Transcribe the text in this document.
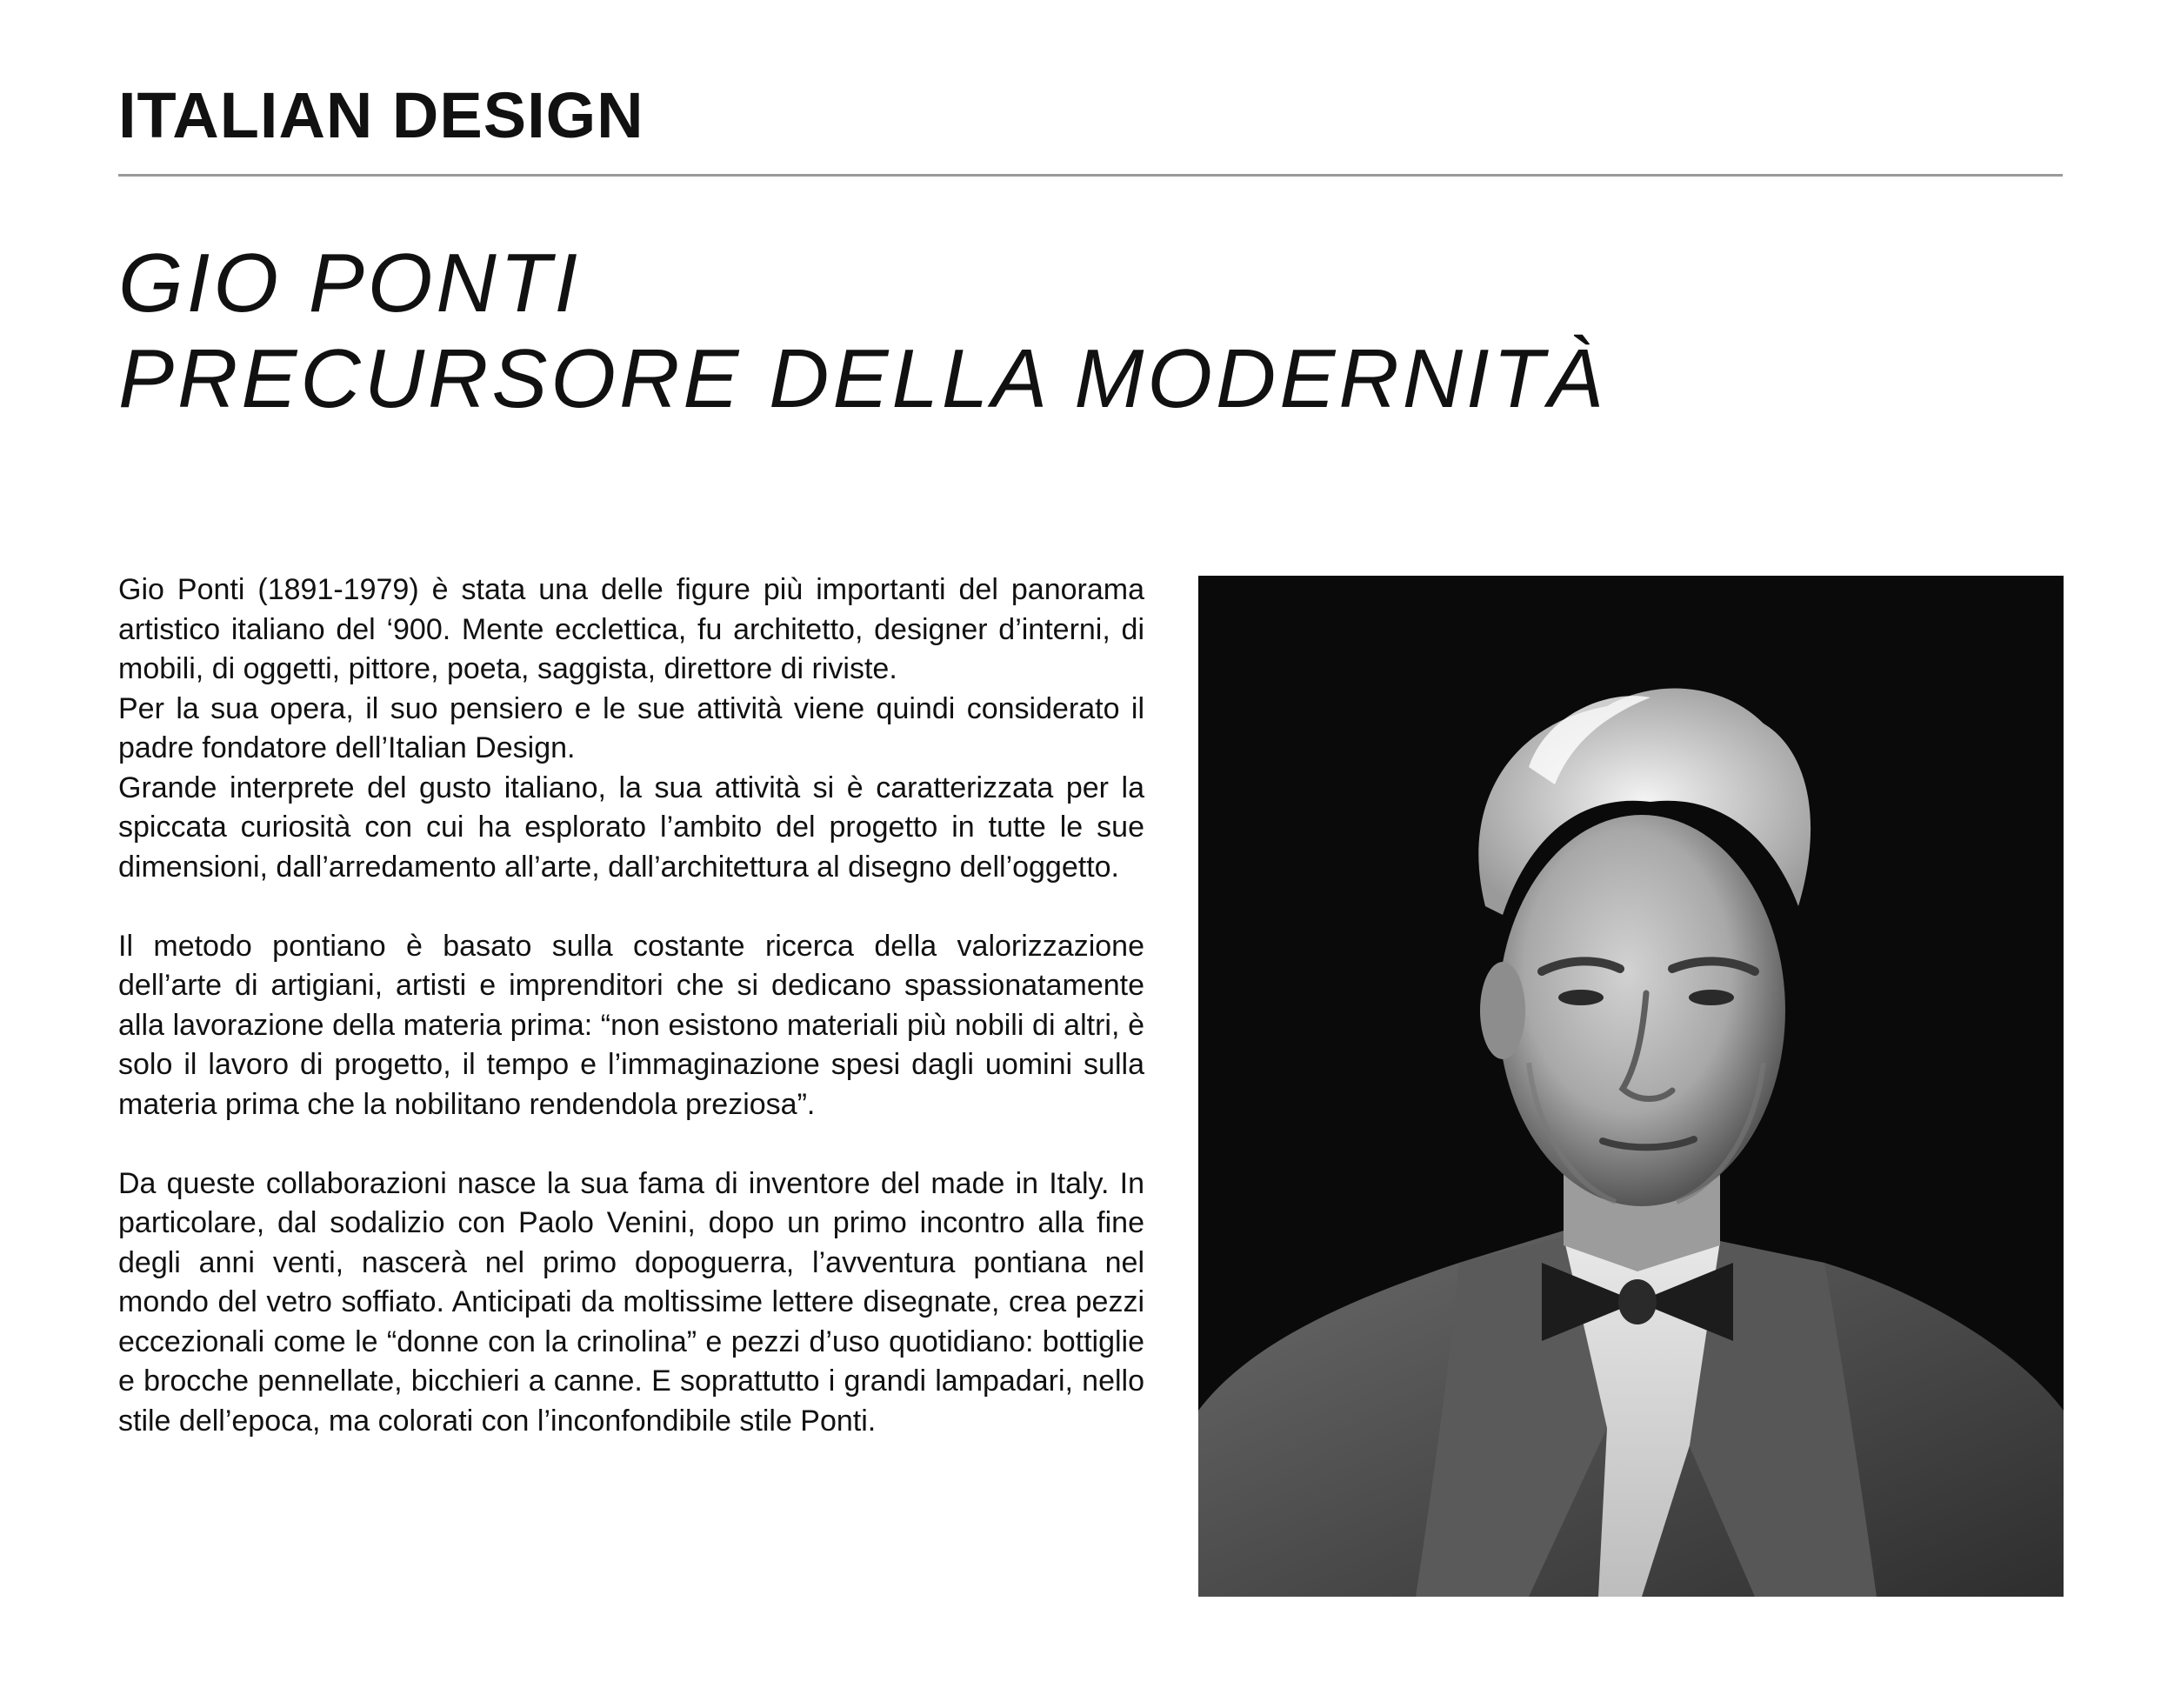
ITALIAN DESIGN
GIO PONTI
PRECURSORE DELLA MODERNITÀ

Gio Ponti (1891-1979) è stata una delle figure più importanti del panorama artistico italiano del ‘900. Mente ecclettica, fu architetto, designer d’interni, di mobili, di oggetti, pittore, poeta, saggista, direttore di riviste.

Per la sua opera, il suo pensiero e le sue attività viene quindi considerato il padre fondatore dell’Italian Design.

Grande interprete del gusto italiano, la sua attività si è caratterizzata per la spiccata curiosità con cui ha esplorato l’ambito del progetto in tutte le sue dimensioni, dall’arredamento all’arte, dall’architettura al disegno dell’oggetto.

Il metodo pontiano è basato sulla costante ricerca della valorizzazione dell’arte di artigiani, artisti e imprenditori che si dedicano spassionatamente alla lavorazione della materia prima: “non esistono materiali più nobili di altri, è solo il lavoro di progetto, il tempo e l’immaginazione spesi dagli uomini sulla materia prima che la nobilitano rendendola preziosa”.

Da queste collaborazioni nasce la sua fama di inventore del made in Italy. In particolare, dal sodalizio con Paolo Venini, dopo un primo incontro alla fine degli anni venti, nascerà nel primo dopoguerra, l’avventura pontiana nel mondo del vetro soffiato. Anticipati da moltissime lettere disegnate, crea pezzi eccezionali come le “donne con la crinolina” e pezzi d’uso quotidiano: bottiglie e brocche pennellate, bicchieri a canne. E soprattutto i grandi lampadari, nello stile dell’epoca, ma colorati con l’inconfondibile stile Ponti.
